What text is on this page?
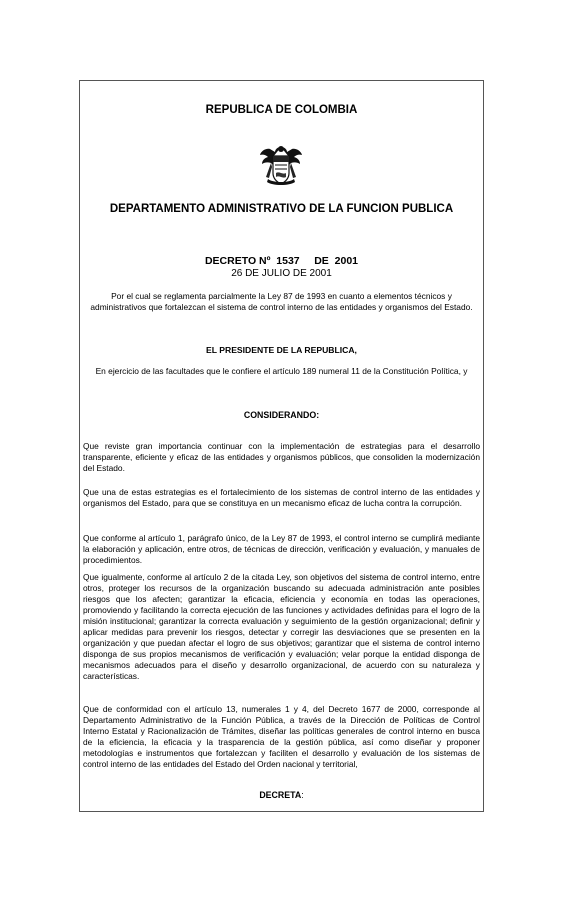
REPUBLICA DE COLOMBIA
DEPARTAMENTO ADMINISTRATIVO DE LA FUNCION PUBLICA
DECRETO Nº  1537     DE  2001
26 DE JULIO DE 2001
Por el cual se reglamenta parcialmente la Ley 87 de 1993 en cuanto a elementos técnicos y administrativos que fortalezcan el sistema de control interno de las entidades y organismos del Estado.
EL PRESIDENTE DE LA REPUBLICA,
En ejercicio de las facultades que le confiere el artículo 189 numeral 11 de la Constitución Política, y
CONSIDERANDO:
Que reviste gran importancia continuar con la implementación de estrategias para el desarrollo transparente, eficiente y eficaz de las entidades y organismos públicos, que consoliden la modernización del Estado.
Que una de estas estrategias es el fortalecimiento de los sistemas de control interno de las entidades y organismos del Estado, para que se constituya en un mecanismo eficaz de lucha contra la corrupción.
Que conforme al artículo 1, parágrafo único, de la Ley 87 de 1993, el control interno se cumplirá mediante la elaboración y aplicación, entre otros, de técnicas de dirección, verificación y evaluación, y manuales de procedimientos.
Que igualmente, conforme al artículo 2 de la citada Ley, son objetivos del sistema de control interno, entre otros, proteger los recursos de la organización buscando su adecuada administración ante posibles riesgos que los afecten; garantizar la eficacia, eficiencia y economía en todas las operaciones, promoviendo y facilitando la correcta ejecución de las funciones y actividades definidas para el logro de la misión institucional; garantizar la correcta evaluación y seguimiento de la gestión organizacional; definir y aplicar medidas para prevenir los riesgos, detectar y corregir las desviaciones que se presenten en la organización y que puedan afectar el logro de sus objetivos; garantizar que el sistema de control interno disponga de sus propios mecanismos de verificación y evaluación; velar porque la entidad disponga de mecanismos adecuados para el diseño y desarrollo organizacional, de acuerdo con su naturaleza y características.
Que de conformidad con el artículo 13, numerales 1 y 4, del Decreto 1677 de 2000, corresponde al Departamento Administrativo de la Función Pública, a través de la Dirección de Políticas de Control Interno Estatal y Racionalización de Trámites, diseñar las políticas generales de control interno en busca de la eficiencia, la eficacia y la trasparencia de la gestión pública, así como diseñar y proponer metodologías e instrumentos que fortalezcan y faciliten el desarrollo y evaluación de los sistemas de control interno de las entidades del Estado del Orden nacional y territorial,
DECRETA:
